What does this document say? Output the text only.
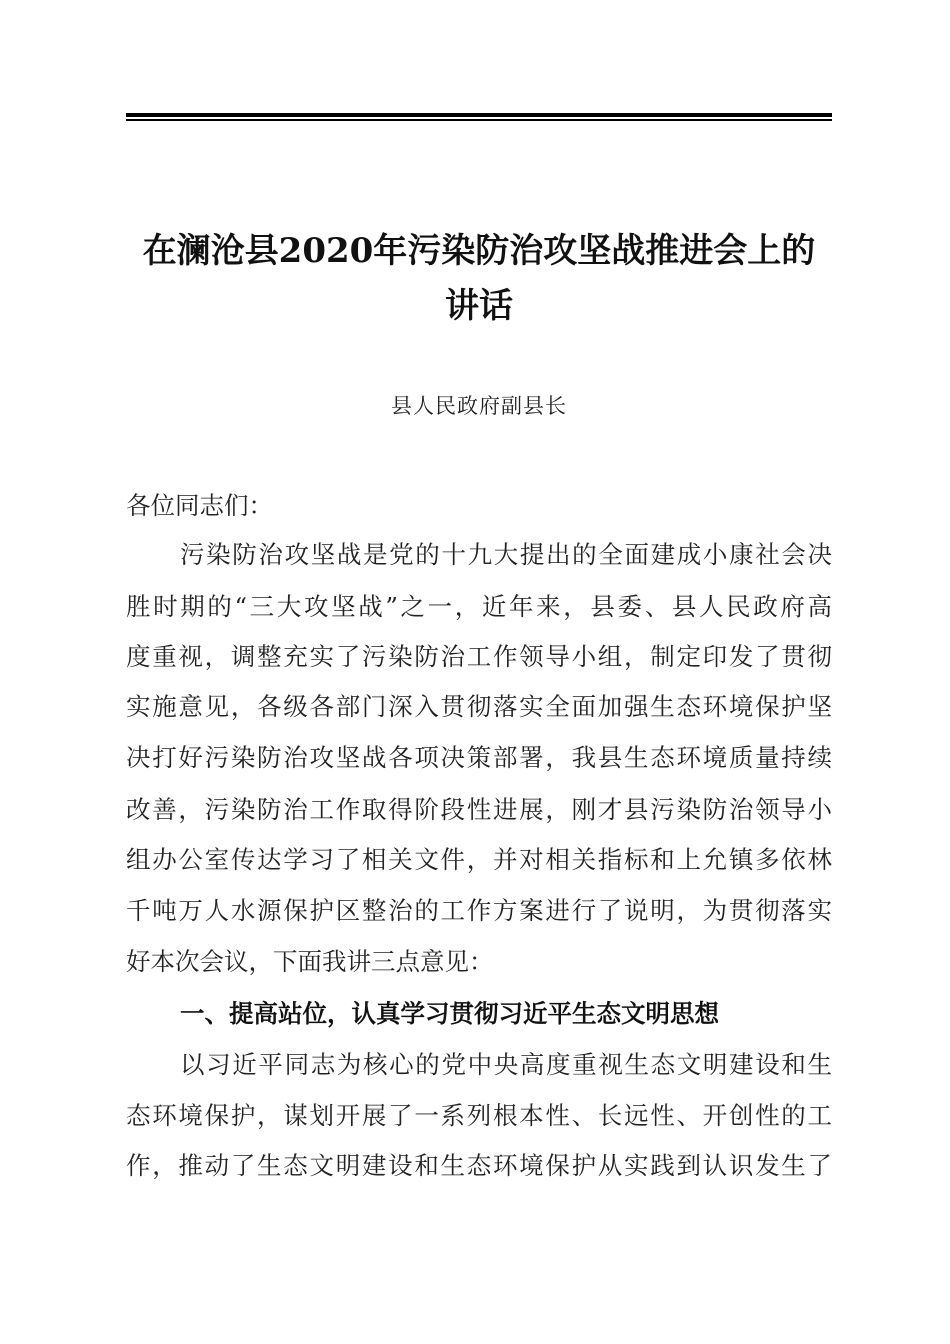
在澜沧县2020年污染防治攻坚战推进会上的
讲话
县人民政府副县长
各位同志们：
污染防治攻坚战是党的十九大提出的全面建成小康社会决
胜时期的“三大攻坚战”之一，近年来，县委、县人民政府高
度重视，调整充实了污染防治工作领导小组，制定印发了贯彻
实施意见，各级各部门深入贯彻落实全面加强生态环境保护坚
决打好污染防治攻坚战各项决策部署，我县生态环境质量持续
改善，污染防治工作取得阶段性进展，刚才县污染防治领导小
组办公室传达学习了相关文件，并对相关指标和上允镇多依林
千吨万人水源保护区整治的工作方案进行了说明，为贯彻落实
好本次会议，下面我讲三点意见：
一、提高站位，认真学习贯彻习近平生态文明思想
以习近平同志为核心的党中央高度重视生态文明建设和生
态环境保护，谋划开展了一系列根本性、长远性、开创性的工
作，推动了生态文明建设和生态环境保护从实践到认识发生了
